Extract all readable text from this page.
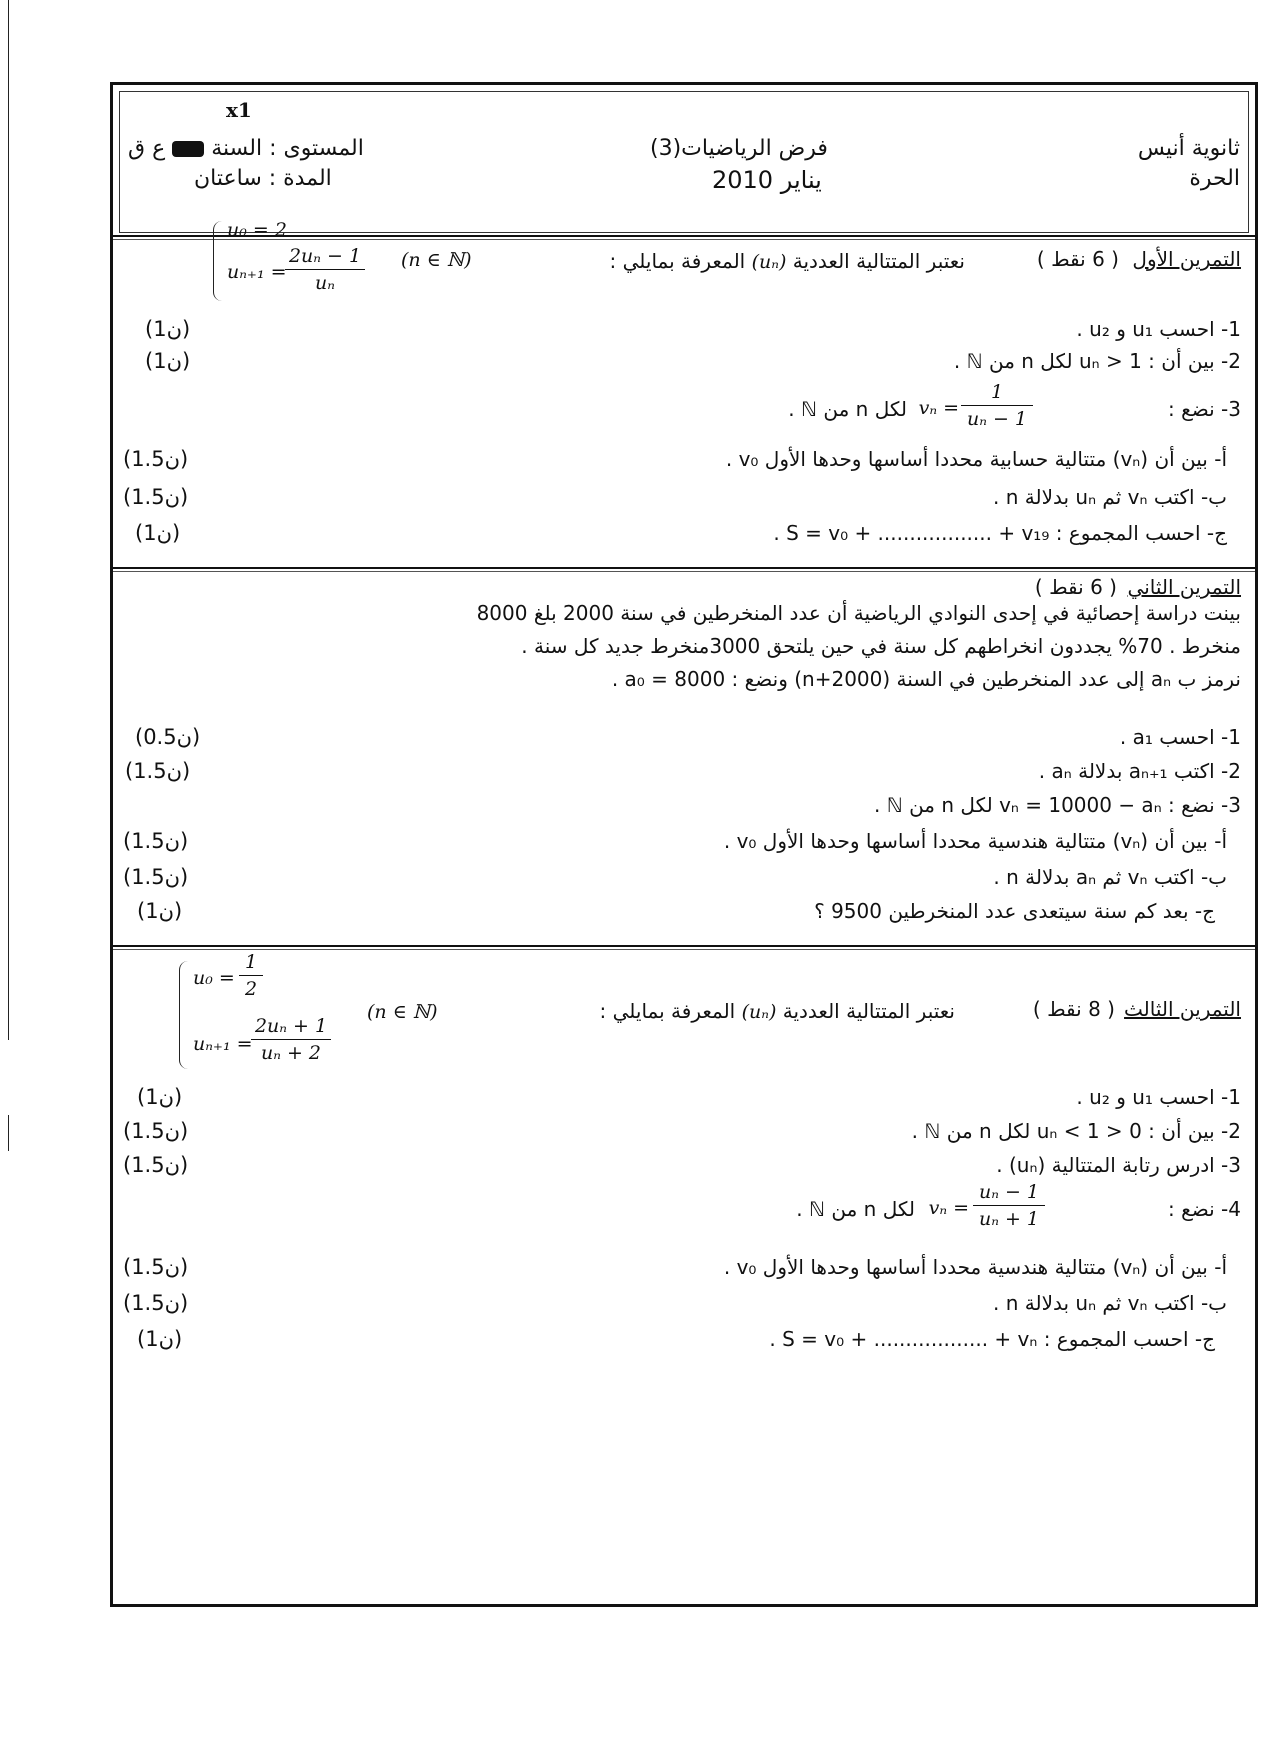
ثانوية أنيس
الحرة
فرض الرياضيات(3)
يناير 2010
x1
المستوى : السنة  ع ق
المدة : ساعتان
التمرين الأول
( 6 نقط )
نعتبر المتتالية العددية (uₙ) المعرفة بمايلي :
(n ∈ ℕ)
u₀ = 2
uₙ₊₁ =
2uₙ − 1
uₙ
1- احسب u₁ و u₂ .
(1ن)
2- بين أن : uₙ > 1 لكل n من ℕ .
(1ن)
3- نضع :
1
uₙ − 1
vₙ =
لكل n من ℕ .
أ- بين أن (vₙ) متتالية حسابية محددا أساسها وحدها الأول v₀ .
(1.5ن)
ب- اكتب vₙ ثم uₙ بدلالة n .
(1.5ن)
ج- احسب المجموع : S = v₀ + .................. + v₁₉ .
(1ن)
التمرين الثاني
( 6 نقط )
بينت دراسة إحصائية في إحدى النوادي الرياضية أن عدد المنخرطين في سنة 2000 بلغ 8000
منخرط . 70% يجددون انخراطهم كل سنة في حين يلتحق 3000منخرط جديد كل سنة .
نرمز ب aₙ إلى عدد المنخرطين في السنة (2000+n) ونضع : a₀ = 8000 .
1- احسب a₁ .
(0.5ن)
2- اكتب aₙ₊₁ بدلالة aₙ .
(1.5ن)
3- نضع : vₙ = 10000 − aₙ لكل n من ℕ .
أ- بين أن (vₙ) متتالية هندسية محددا أساسها وحدها الأول v₀ .
(1.5ن)
ب- اكتب vₙ ثم aₙ بدلالة n .
(1.5ن)
ج- بعد كم سنة سيتعدى عدد المنخرطين 9500 ؟
(1ن)
التمرين الثالث
( 8 نقط )
نعتبر المتتالية العددية (uₙ) المعرفة بمايلي :
(n ∈ ℕ)
u₀ =
1
2
uₙ₊₁ =
2uₙ + 1
uₙ + 2
1- احسب u₁ و u₂ .
(1ن)
2- بين أن : 0 < uₙ < 1 لكل n من ℕ .
(1.5ن)
3- ادرس رتابة المتتالية (uₙ) .
(1.5ن)
4- نضع :
uₙ − 1
uₙ + 1
vₙ =
لكل n من ℕ .
أ- بين أن (vₙ) متتالية هندسية محددا أساسها وحدها الأول v₀ .
(1.5ن)
ب- اكتب vₙ ثم uₙ بدلالة n .
(1.5ن)
ج- احسب المجموع : S = v₀ + .................. + vₙ .
(1ن)
